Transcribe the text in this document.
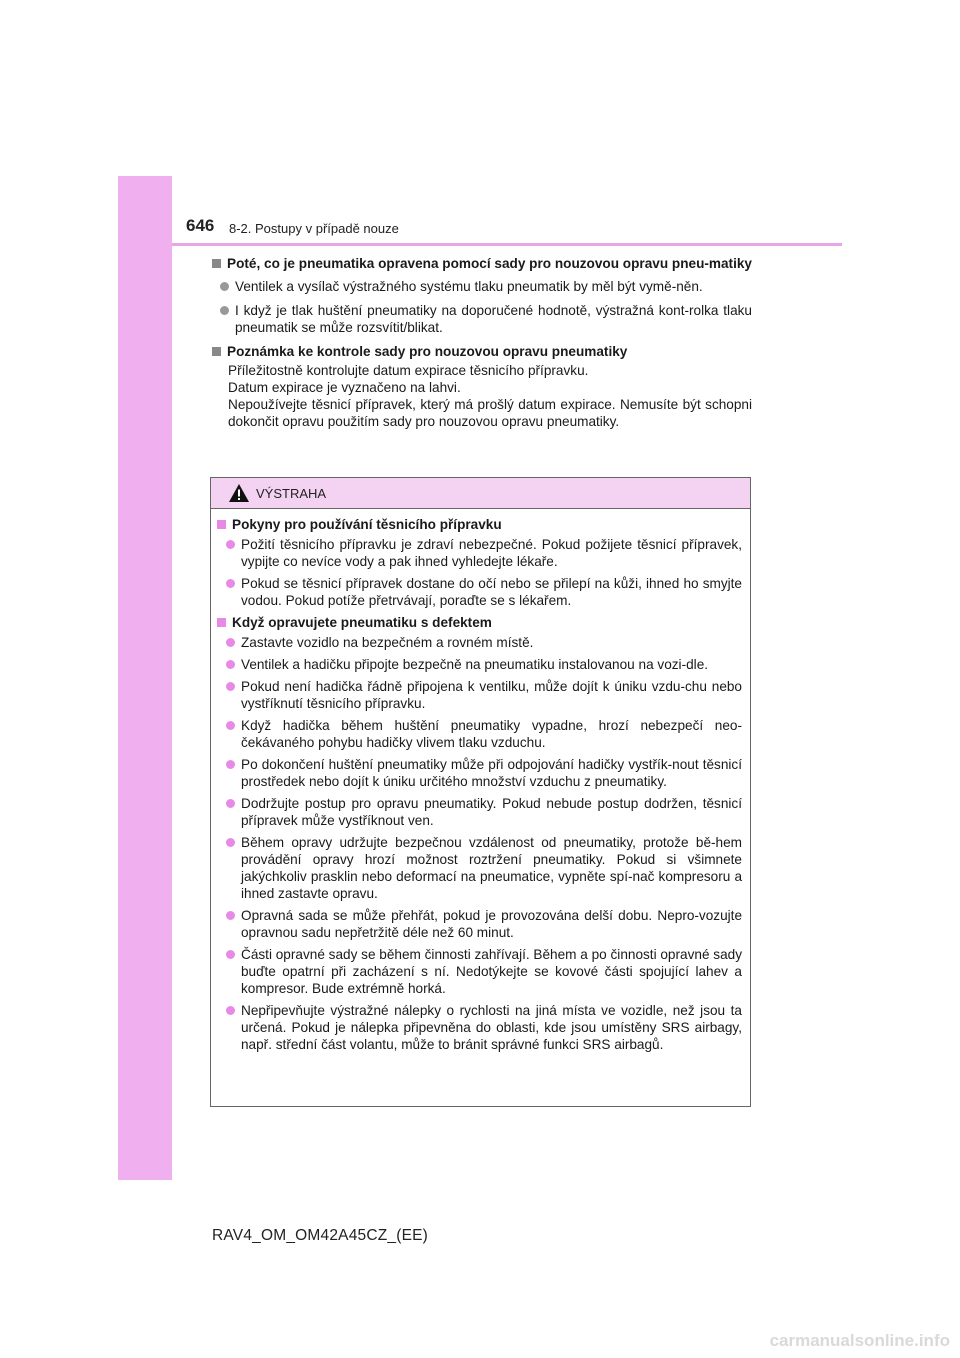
646 8-2. Postupy v případě nouze
Poté, co je pneumatika opravena pomocí sady pro nouzovou opravu pneu-matiky
Ventilek a vysílač výstražného systému tlaku pneumatik by měl být vymě-něn.
I když je tlak huštění pneumatiky na doporučené hodnotě, výstražná kont-rolka tlaku pneumatik se může rozsvítit/blikat.
Poznámka ke kontrole sady pro nouzovou opravu pneumatiky
Příležitostně kontrolujte datum expirace těsnicího přípravku.
Datum expirace je vyznačeno na lahvi.
Nepoužívejte těsnicí přípravek, který má prošlý datum expirace. Nemusíte být schopni dokončit opravu použitím sady pro nouzovou opravu pneumatiky.
VÝSTRAHA
Pokyny pro používání těsnicího přípravku
Požití těsnicího přípravku je zdraví nebezpečné. Pokud požijete těsnicí přípravek, vypijte co nevíce vody a pak ihned vyhledejte lékaře.
Pokud se těsnicí přípravek dostane do očí nebo se přilepí na kůži, ihned ho smyjte vodou. Pokud potíže přetrvávají, poraďte se s lékařem.
Když opravujete pneumatiku s defektem
Zastavte vozidlo na bezpečném a rovném místě.
Ventilek a hadičku připojte bezpečně na pneumatiku instalovanou na vozi-dle.
Pokud není hadička řádně připojena k ventilku, může dojít k úniku vzdu-chu nebo vystříknutí těsnicího přípravku.
Když hadička během huštění pneumatiky vypadne, hrozí nebezpečí neo-čekávaného pohybu hadičky vlivem tlaku vzduchu.
Po dokončení huštění pneumatiky může při odpojování hadičky vystřík-nout těsnicí prostředek nebo dojít k úniku určitého množství vzduchu z pneumatiky.
Dodržujte postup pro opravu pneumatiky. Pokud nebude postup dodržen, těsnicí přípravek může vystříknout ven.
Během opravy udržujte bezpečnou vzdálenost od pneumatiky, protože bě-hem provádění opravy hrozí možnost roztržení pneumatiky. Pokud si všimnete jakýchkoliv prasklin nebo deformací na pneumatice, vypněte spí-nač kompresoru a ihned zastavte opravu.
Opravná sada se může přehřát, pokud je provozována delší dobu. Nepro-vozujte opravnou sadu nepřetržitě déle než 60 minut.
Části opravné sady se během činnosti zahřívají. Během a po činnosti opravné sady buďte opatrní při zacházení s ní. Nedotýkejte se kovové části spojující lahev a kompresor. Bude extrémně horká.
Nepřipevňujte výstražné nálepky o rychlosti na jiná místa ve vozidle, než jsou ta určená. Pokud je nálepka připevněna do oblasti, kde jsou umístěny SRS airbagy, např. střední část volantu, může to bránit správné funkci SRS airbagů.
RAV4_OM_OM42A45CZ_(EE)
carmanualsonline.info
